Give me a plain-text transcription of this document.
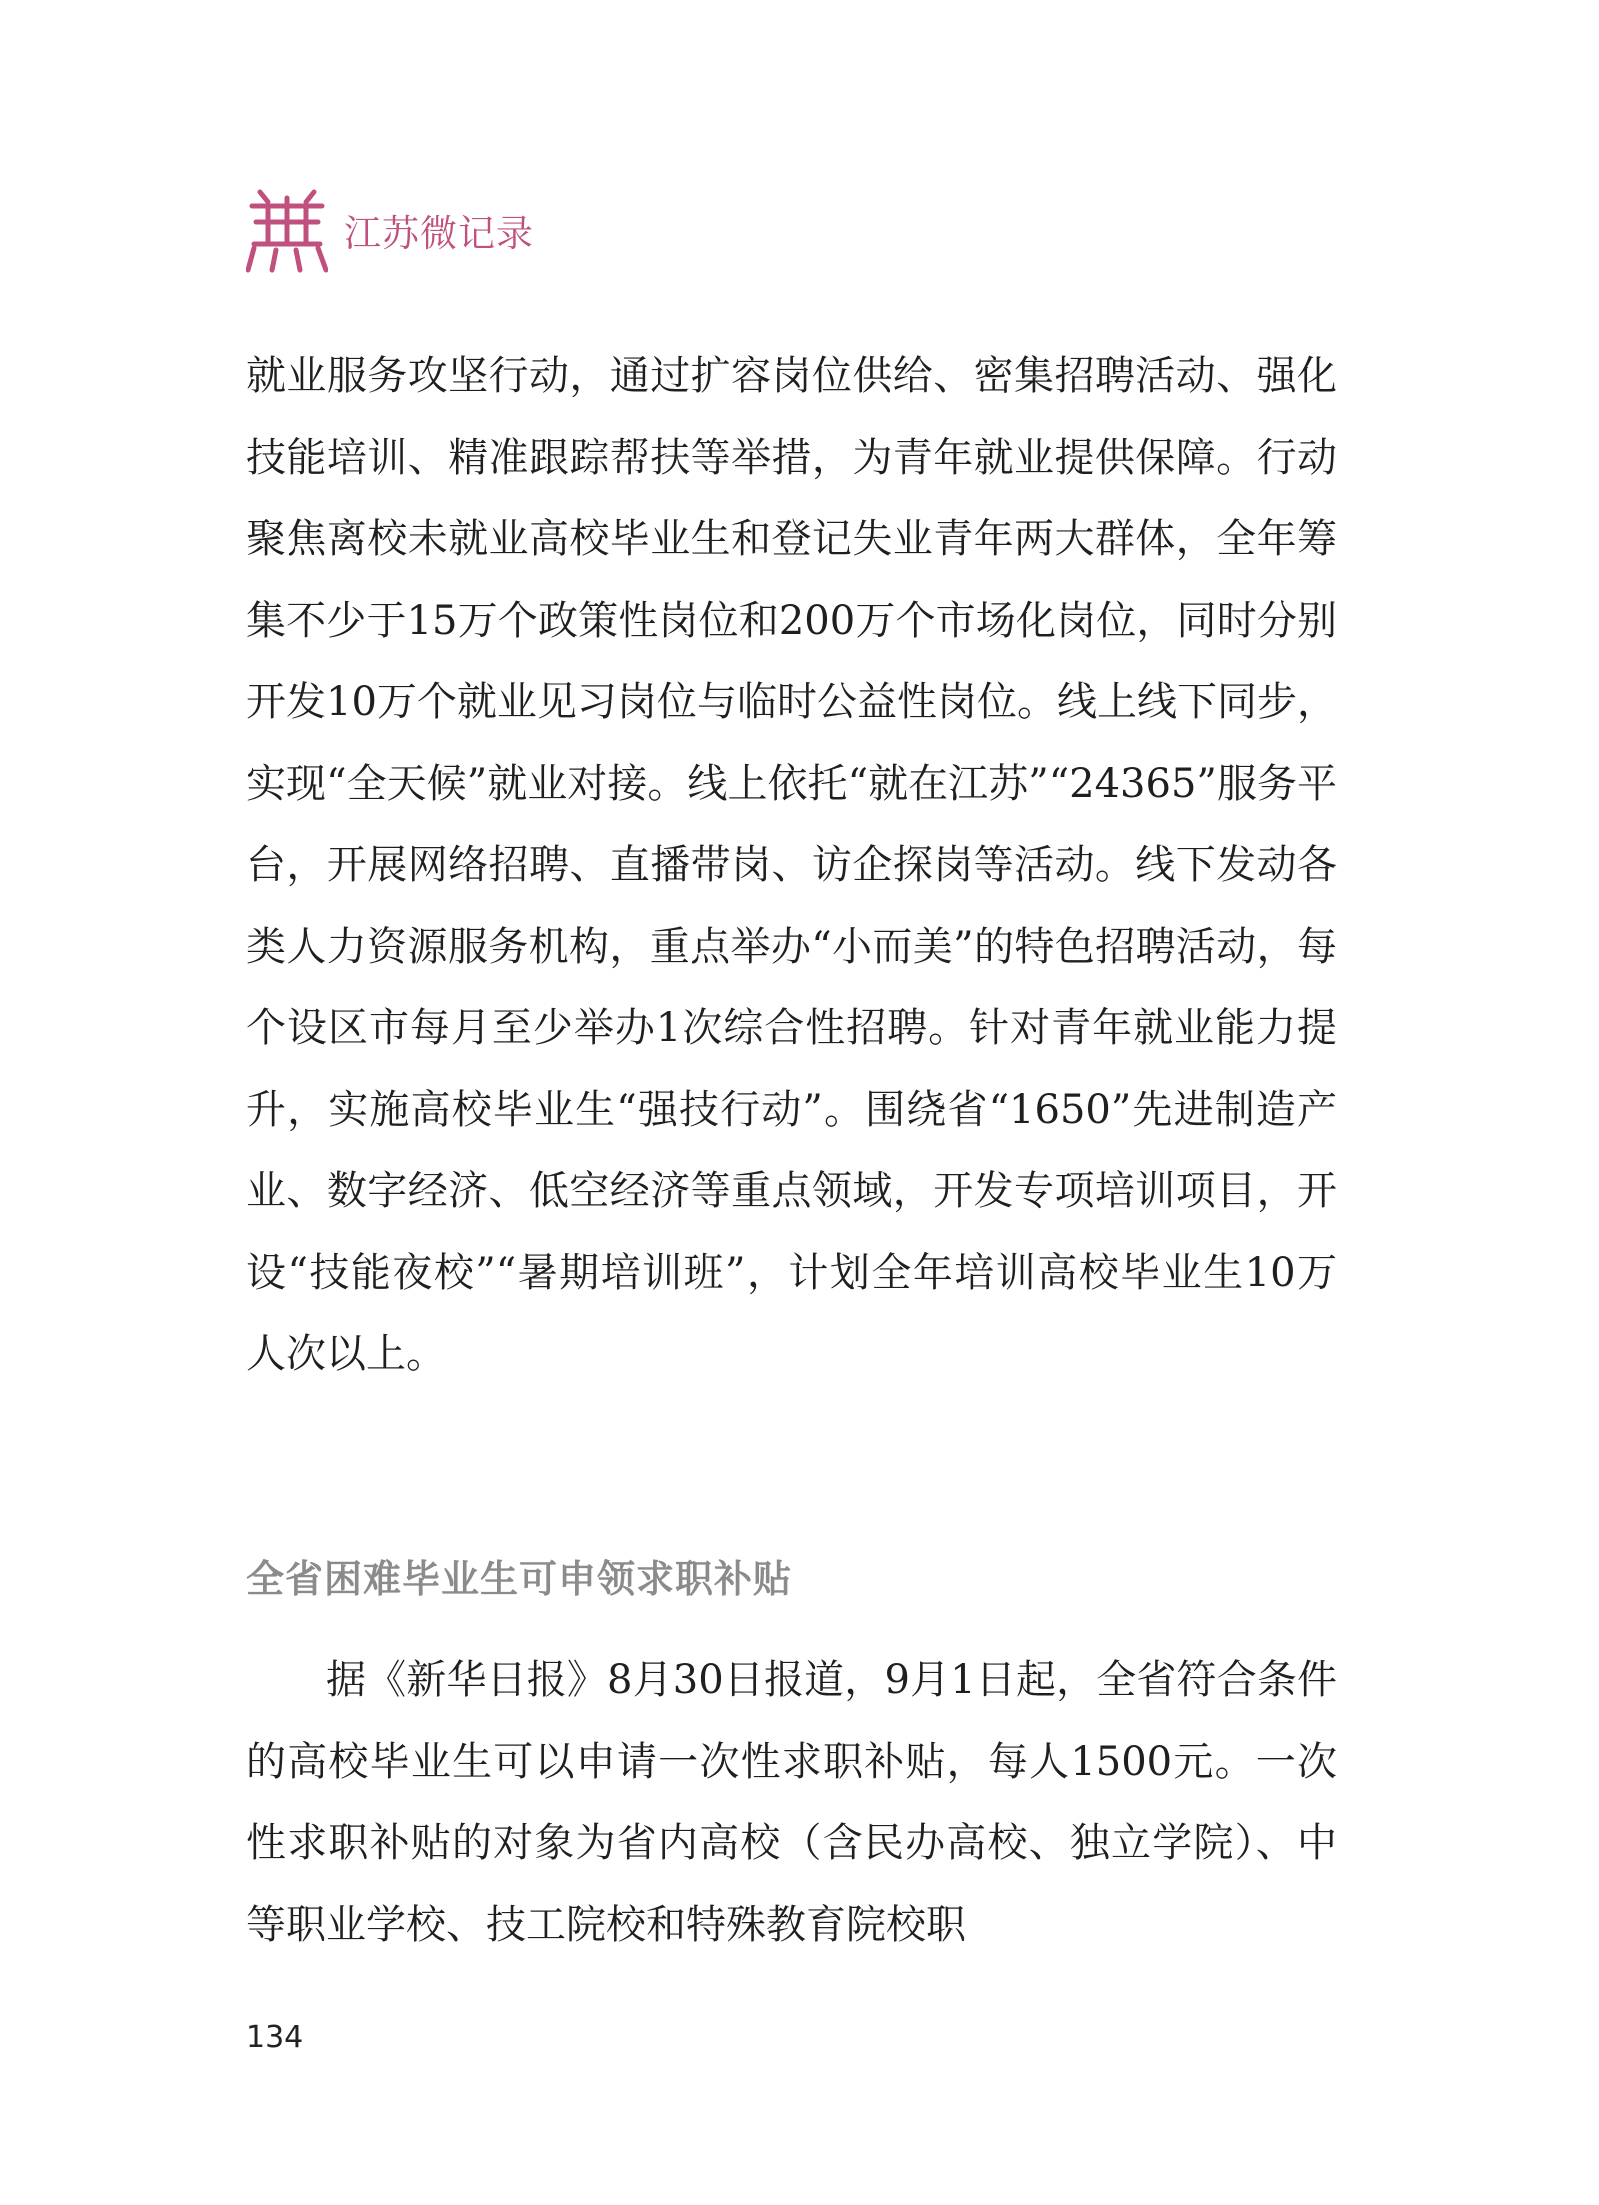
江苏微记录

就业服务攻坚行动，通过扩容岗位供给、密集招聘活动、强化技能培训、精准跟踪帮扶等举措，为青年就业提供保障。行动聚焦离校未就业高校毕业生和登记失业青年两大群体，全年筹集不少于15万个政策性岗位和200万个市场化岗位，同时分别开发10万个就业见习岗位与临时公益性岗位。线上线下同步，实现“全天候”就业对接。线上依托“就在江苏”“24365”服务平台，开展网络招聘、直播带岗、访企探岗等活动。线下发动各类人力资源服务机构，重点举办“小而美”的特色招聘活动，每个设区市每月至少举办1次综合性招聘。针对青年就业能力提升，实施高校毕业生“强技行动”。围绕省“1650”先进制造产业、数字经济、低空经济等重点领域，开发专项培训项目，开设“技能夜校”“暑期培训班”，计划全年培训高校毕业生10万人次以上。

全省困难毕业生可申领求职补贴

据《新华日报》8月30日报道，9月1日起，全省符合条件的高校毕业生可以申请一次性求职补贴，每人1500元。一次性求职补贴的对象为省内高校（含民办高校、独立学院）、中等职业学校、技工院校和特殊教育院校职

134
